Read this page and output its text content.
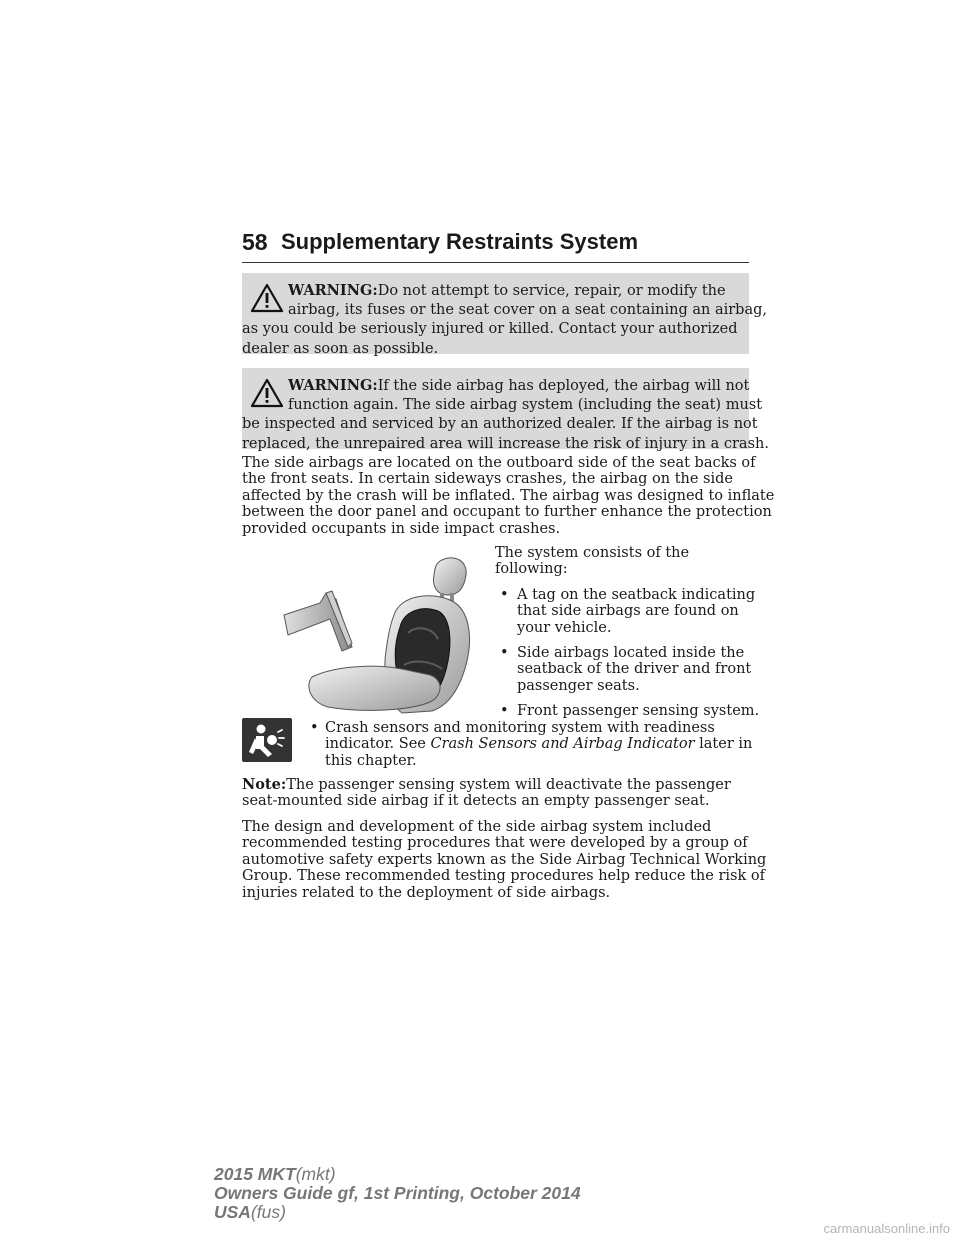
58 Supplementary Restraints System
WARNING:Do not attempt to service, repair, or modify the
airbag, its fuses or the seat cover on a seat containing an airbag,
as you could be seriously injured or killed. Contact your authorized
dealer as soon as possible.
WARNING:If the side airbag has deployed, the airbag will not
function again. The side airbag system (including the seat) must
be inspected and serviced by an authorized dealer. If the airbag is not
replaced, the unrepaired area will increase the risk of injury in a crash.
The side airbags are located on the outboard side of the seat backs of
the front seats. In certain sideways crashes, the airbag on the side
affected by the crash will be inflated. The airbag was designed to inflate
between the door panel and occupant to further enhance the protection
provided occupants in side impact crashes.
The system consists of the
following:
• A tag on the seatback indicating
that side airbags are found on
your vehicle.
• Side airbags located inside the
seatback of the driver and front
passenger seats.
• Front passenger sensing system.
• Crash sensors and monitoring system with readiness
indicator. See Crash Sensors and Airbag Indicator later in
this chapter.
Note:The passenger sensing system will deactivate the passenger
seat-mounted side airbag if it detects an empty passenger seat.
The design and development of the side airbag system included
recommended testing procedures that were developed by a group of
automotive safety experts known as the Side Airbag Technical Working
Group. These recommended testing procedures help reduce the risk of
injuries related to the deployment of side airbags.
2015 MKT(mkt)
Owners Guide gf, 1st Printing, October 2014
USA(fus)
carmanualsonline.info
